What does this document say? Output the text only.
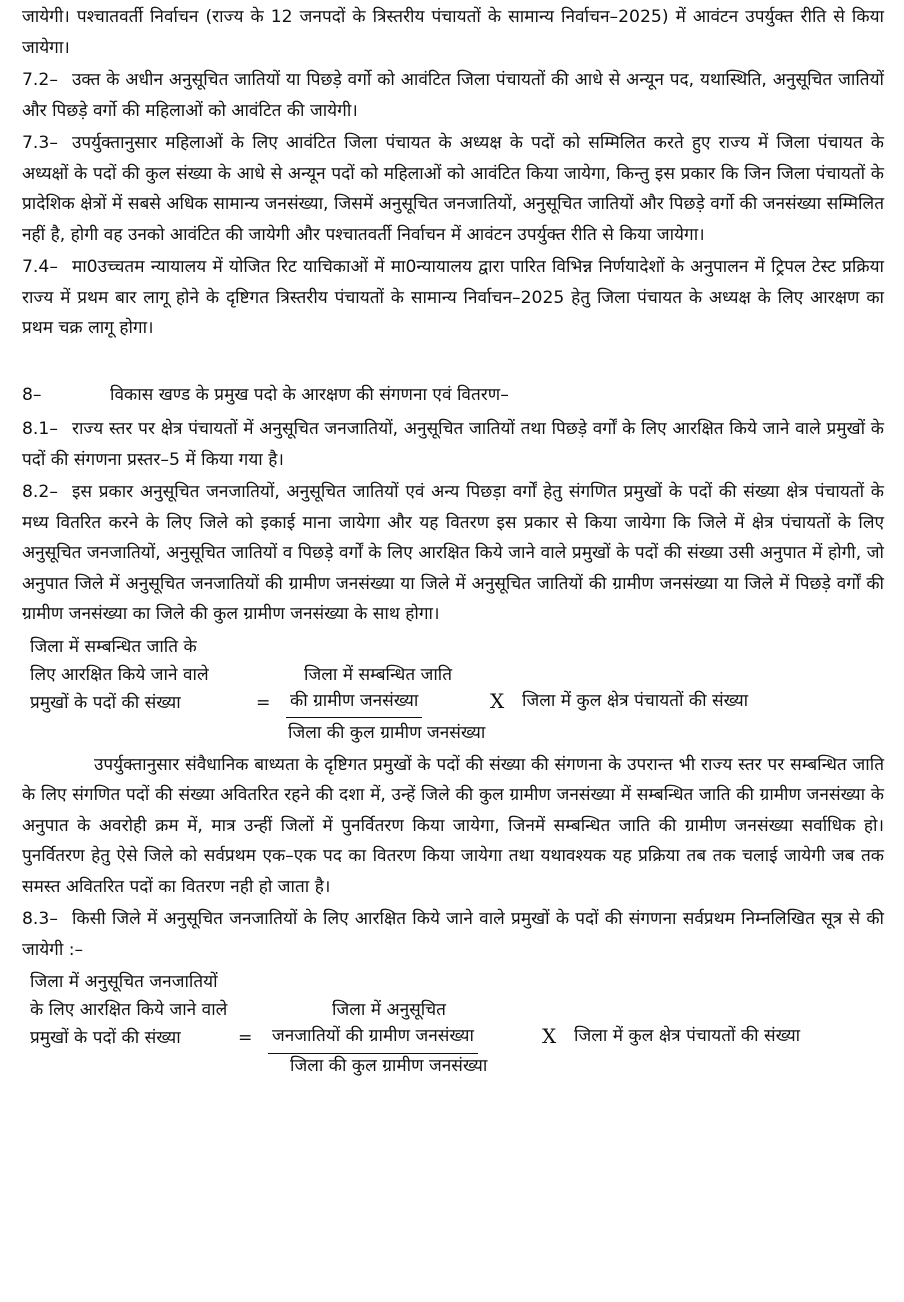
जायेगी। पश्चातवर्ती निर्वाचन (राज्य के 12 जनपदों के त्रिस्तरीय पंचायतों के सामान्य निर्वाचन–2025) में आवंटन उपर्युक्त रीति से किया जायेगा।

7.2– उक्त के अधीन अनुसूचित जातियों या पिछड़े वर्गो को आवंटित जिला पंचायतों की आधे से अन्यून पद, यथास्थिति, अनुसूचित जातियों और पिछड़े वर्गो की महिलाओं को आवंटित की जायेगी।

7.3– उपर्युक्तानुसार महिलाओं के लिए आवंटित जिला पंचायत के अध्यक्ष के पदों को सम्मिलित करते हुए राज्य में जिला पंचायत के अध्यक्षों के पदों की कुल संख्या के आधे से अन्यून पदों को महिलाओं को आवंटित किया जायेगा, किन्तु इस प्रकार कि जिन जिला पंचायतों के प्रादेशिक क्षेत्रों में सबसे अधिक सामान्य जनसंख्या, जिसमें अनुसूचित जनजातियों, अनुसूचित जातियों और पिछड़े वर्गो की जनसंख्या सम्मिलित नहीं है, होगी वह उनको आवंटित की जायेगी और पश्चातवर्ती निर्वाचन में आवंटन उपर्युक्त रीति से किया जायेगा।

7.4– मा0उच्चतम न्यायालय में योजित रिट याचिकाओं में मा0न्यायालय द्वारा पारित विभिन्न निर्णयादेशों के अनुपालन में ट्रिपल टेस्ट प्रक्रिया राज्य में प्रथम बार लागू होने के दृष्टिगत त्रिस्तरीय पंचायतों के सामान्य निर्वाचन–2025 हेतु जिला पंचायत के अध्यक्ष के लिए आरक्षण का प्रथम चक्र लागू होगा।

8–	विकास खण्ड के प्रमुख पदो के आरक्षण की संगणना एवं वितरण–

8.1– राज्य स्तर पर क्षेत्र पंचायतों में अनुसूचित जनजातियों, अनुसूचित जातियों तथा पिछड़े वर्गों के लिए आरक्षित किये जाने वाले प्रमुखों के पदों की संगणना प्रस्तर–5 में किया गया है।

8.2– इस प्रकार अनुसूचित जनजातियों, अनुसूचित जातियों एवं अन्य पिछड़ा वर्गों हेतु संगणित प्रमुखों के पदों की संख्या क्षेत्र पंचायतों के मध्य वितरित करने के लिए जिले को इकाई माना जायेगा और यह वितरण इस प्रकार से किया जायेगा कि जिले में क्षेत्र पंचायतों के लिए अनुसूचित जनजातियों, अनुसूचित जातियों व पिछड़े वर्गों के लिए आरक्षित किये जाने वाले प्रमुखों के पदों की संख्या उसी अनुपात में होगी, जो अनुपात जिले में अनुसूचित जनजातियों की ग्रामीण जनसंख्या या जिले में अनुसूचित जातियों की ग्रामीण जनसंख्या या जिले में पिछड़े वर्गों की ग्रामीण जनसंख्या का जिले की कुल ग्रामीण जनसंख्या के साथ होगा।

जिला में सम्बन्धित जाति के
लिए आरक्षित किये जाने वाले
प्रमुखों के पदों की संख्या	=
जिला में सम्बन्धित जाति
की ग्रामीण जनसंख्या	X जिला में कुल क्षेत्र पंचायतों की संख्या
जिला की कुल ग्रामीण जनसंख्या

उपर्युक्तानुसार संवैधानिक बाध्यता के दृष्टिगत प्रमुखों के पदों की संख्या की संगणना के उपरान्त भी राज्य स्तर पर सम्बन्धित जाति के लिए संगणित पदों की संख्या अवितरित रहने की दशा में, उन्हें जिले की कुल ग्रामीण जनसंख्या में सम्बन्धित जाति की ग्रामीण जनसंख्या के अनुपात के अवरोही क्रम में, मात्र उन्हीं जिलों में पुनर्वितरण किया जायेगा, जिनमें सम्बन्धित जाति की ग्रामीण जनसंख्या सर्वाधिक हो। पुनर्वितरण हेतु ऐसे जिले को सर्वप्रथम एक–एक पद का वितरण किया जायेगा तथा यथावश्यक यह प्रक्रिया तब तक चलाई जायेगी जब तक समस्त अवितरित पदों का वितरण नही हो जाता है।

8.3– किसी जिले में अनुसूचित जनजातियों के लिए आरक्षित किये जाने वाले प्रमुखों के पदों की संगणना सर्वप्रथम निम्नलिखित सूत्र से की जायेगी :–

जिला में अनुसूचित जनजातियों
के लिए आरक्षित किये जाने वाले
प्रमुखों के पदों की संख्या	=
जिला में अनुसूचित
जनजातियों की ग्रामीण जनसंख्या	X जिला में कुल क्षेत्र पंचायतों की संख्या
जिला की कुल ग्रामीण जनसंख्या
